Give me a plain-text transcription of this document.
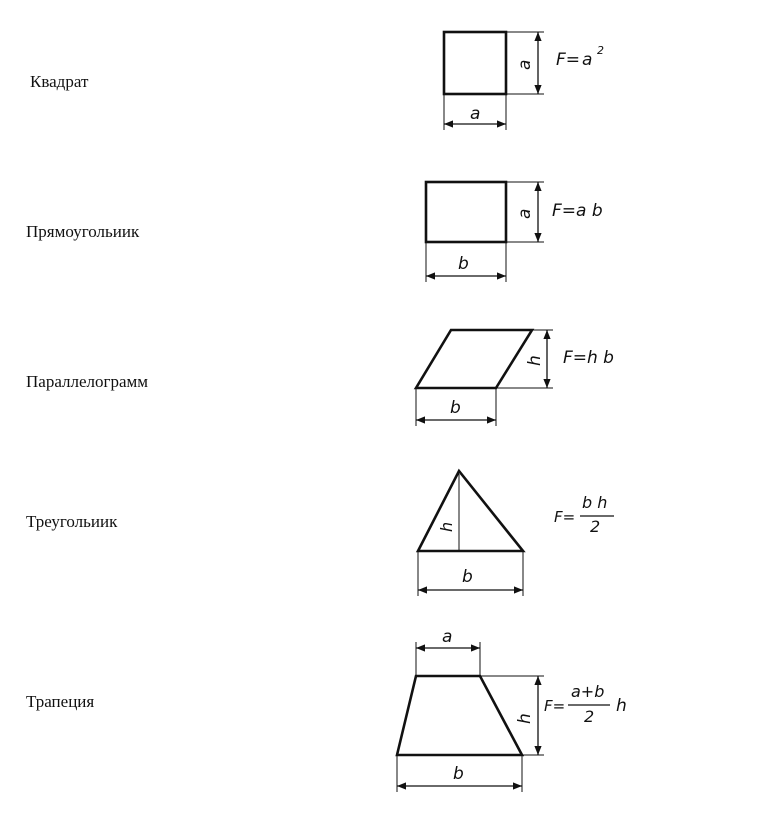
Квадрат
Прямоугольиик
Параллелограмм
Треугольиик
Трапеция
a
a F= a 2
b
a F= a b
b
h F= h b
b
h
F=
b h
2
a
b
h
F=
a+b
2
h
